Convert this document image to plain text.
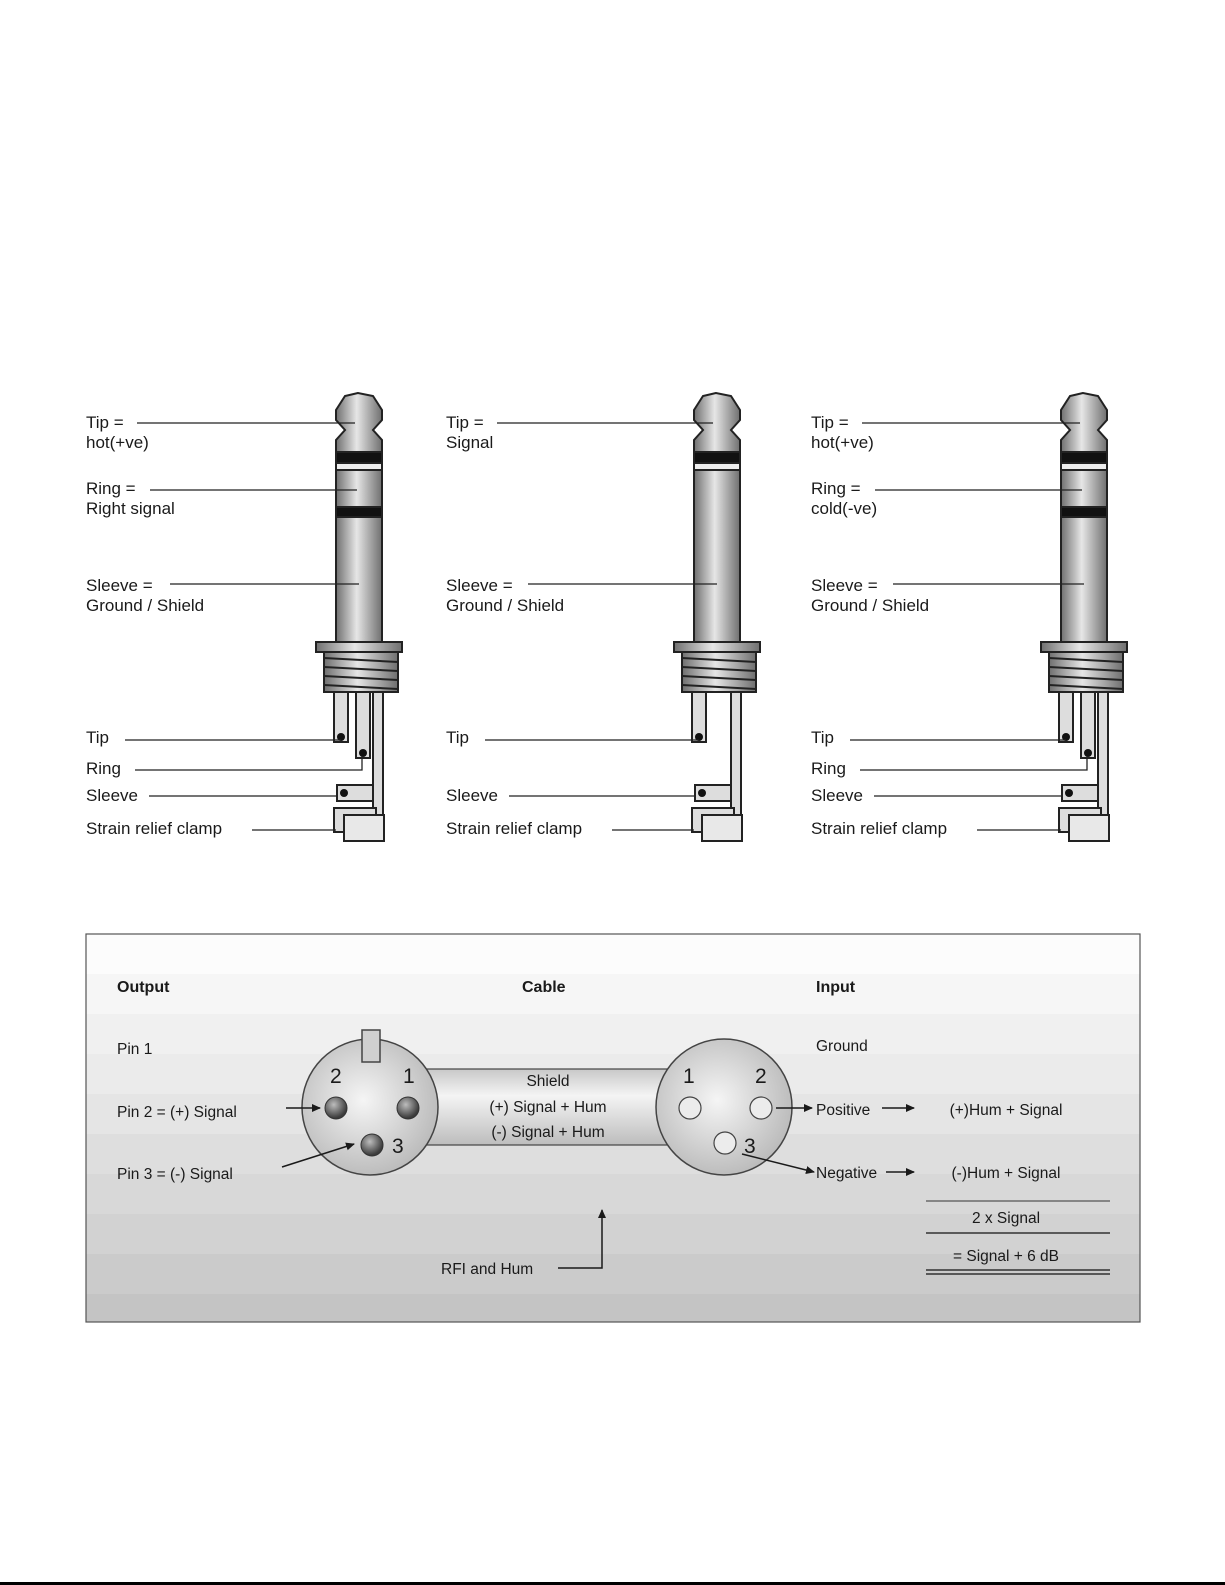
Tip =
hot(+ve)
Ring =
Right signal
Sleeve =
Ground / Shield
Tip
Ring
Sleeve
Strain relief clamp
Tip =
Signal
Sleeve =
Ground / Shield
Tip
Sleeve
Strain relief clamp
Tip =
hot(+ve)
Ring =
cold(-ve)
Sleeve =
Ground / Shield
Tip
Ring
Sleeve
Strain relief clamp
Output	Cable	Input
Pin 1
Pin 2 = (+) Signal
Pin 3 = (-) Signal
Shield
(+) Signal + Hum
(-) Signal + Hum
2	1
3
1	2
3
Ground
Positive
Negative
(+)Hum + Signal
(-)Hum + Signal
2 x Signal
= Signal + 6 dB
RFI and Hum
